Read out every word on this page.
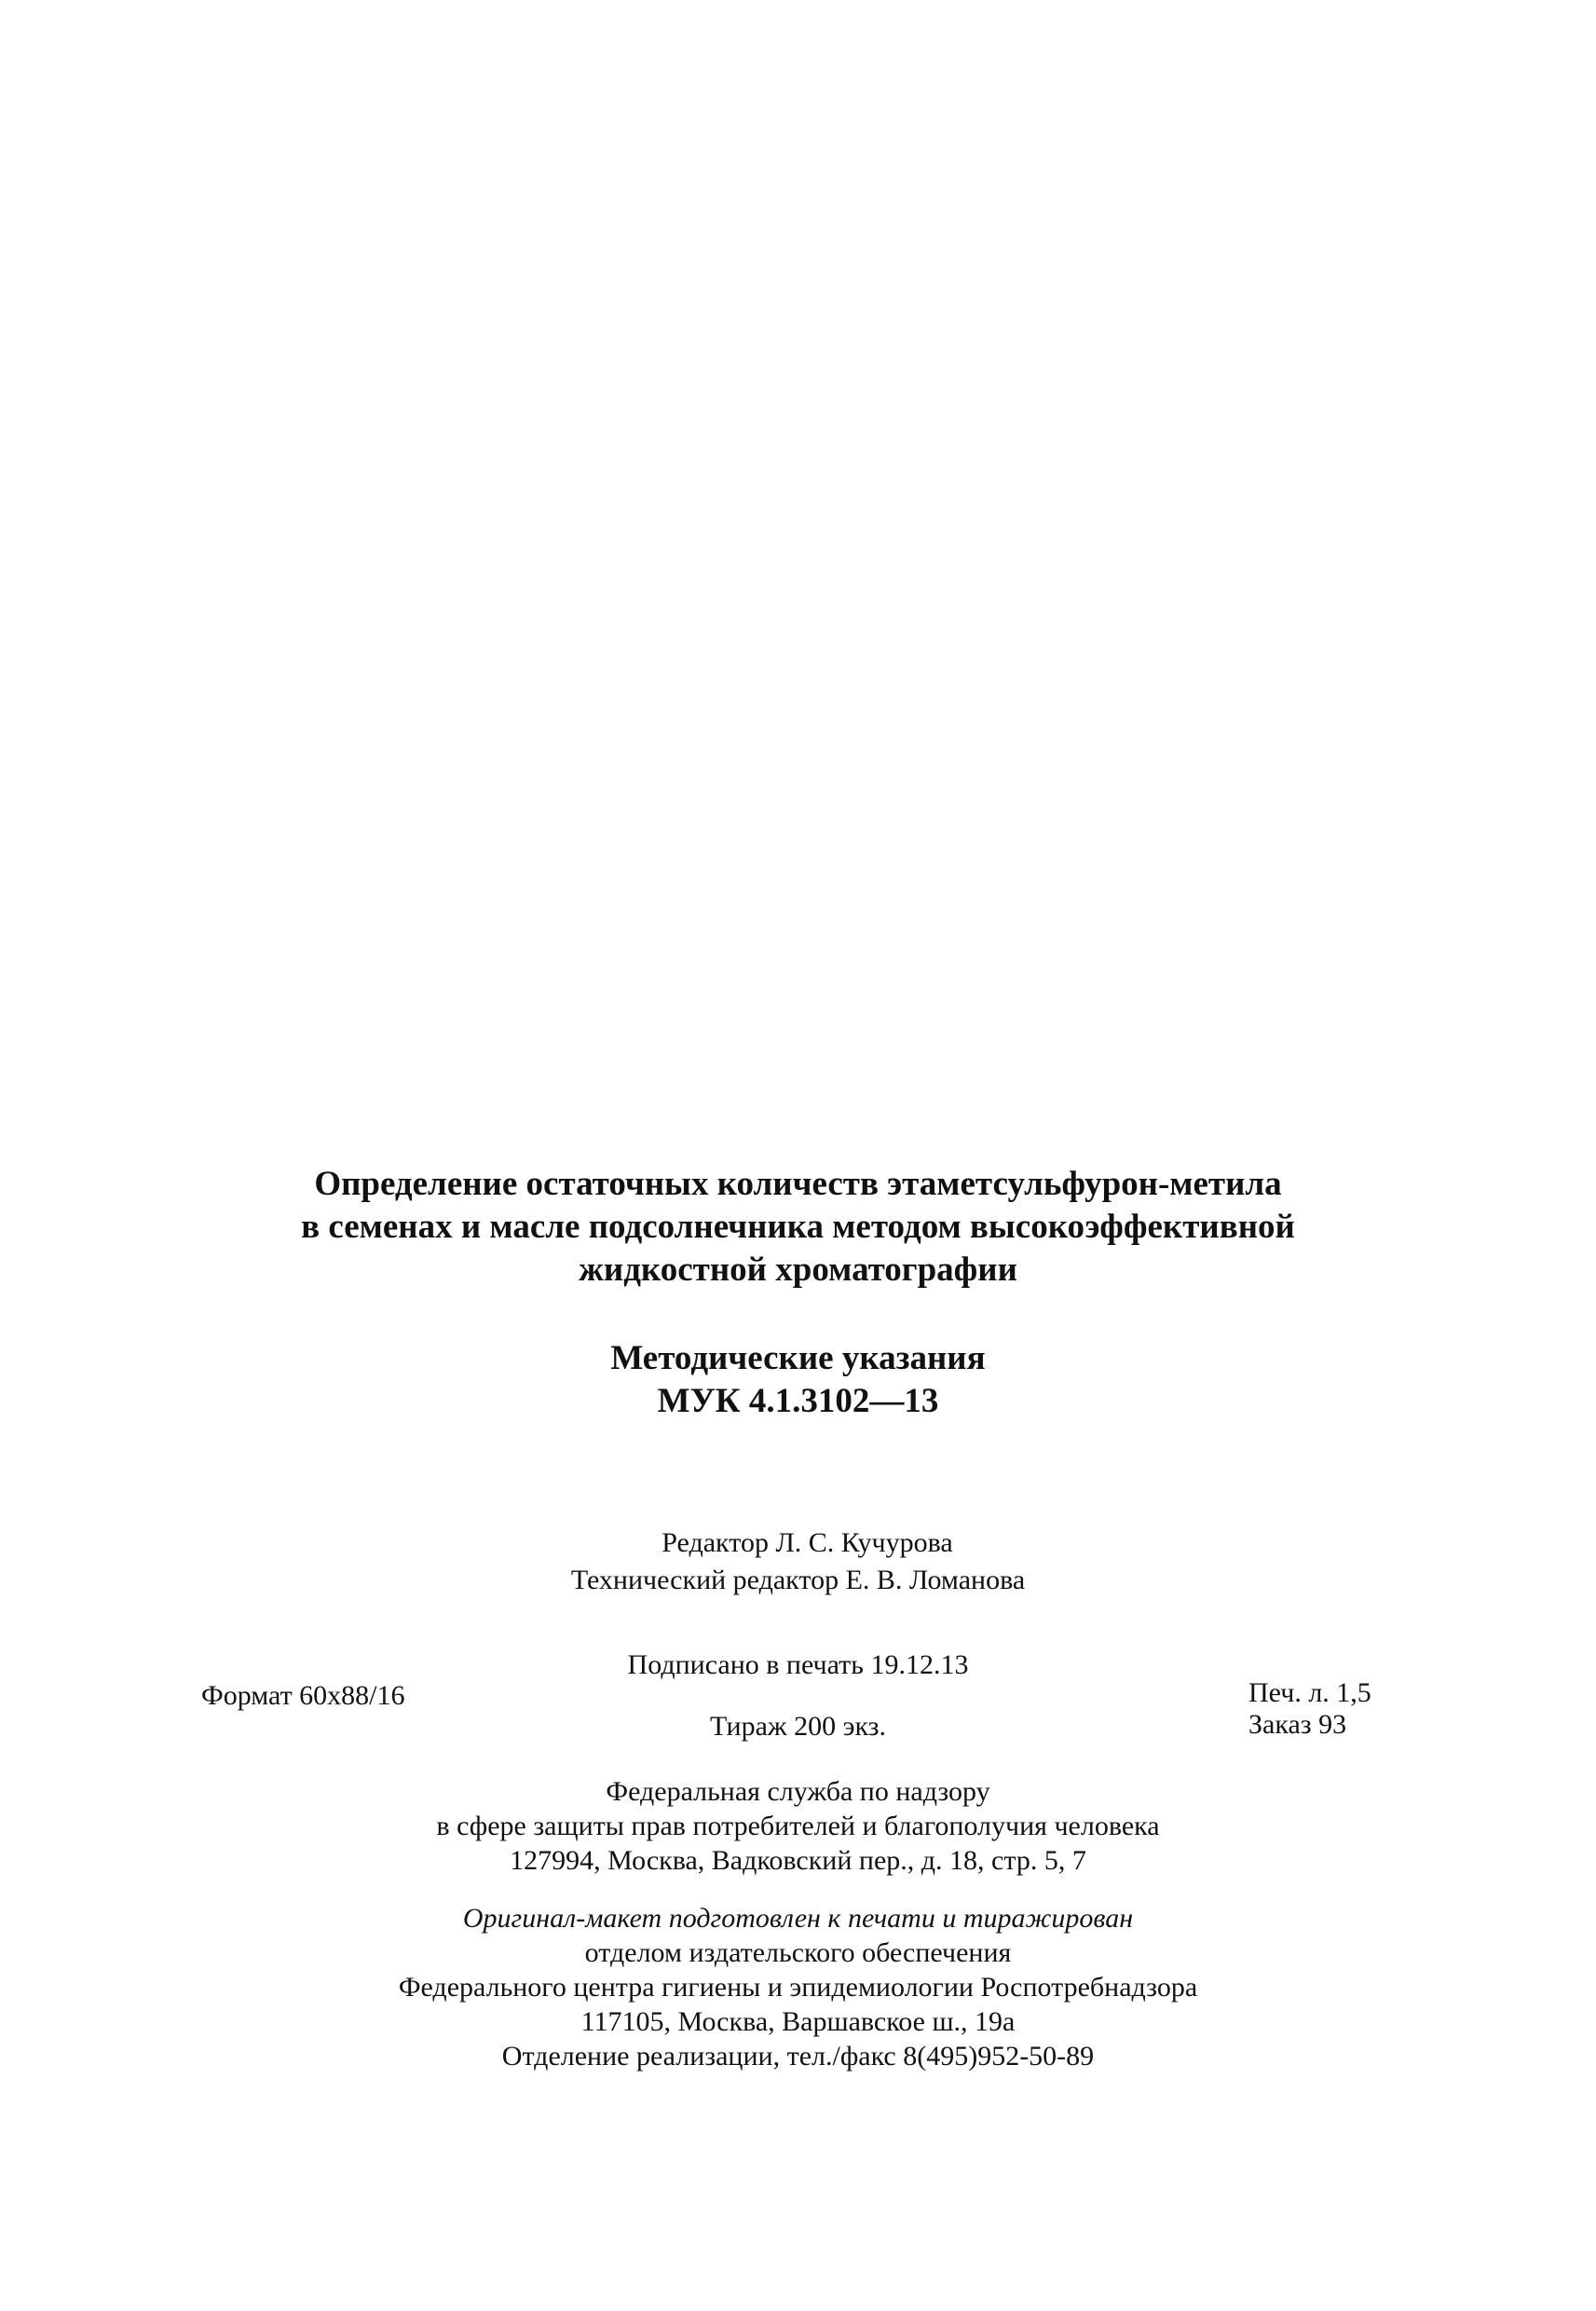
Определение остаточных количеств этаметсульфурон-метила
в семенах и масле подсолнечника методом высокоэффективной
жидкостной хроматографии
Методические указания
МУК 4.1.3102—13
Редактор Л. С. Кучурова
Технический редактор Е. В. Ломанова
Подписано в печать 19.12.13
Формат 60x88/16
Тираж 200 экз.
Печ. л. 1,5
Заказ 93
Федеральная служба по надзору
в сфере защиты прав потребителей и благополучия человека
127994, Москва, Вадковский пер., д. 18, стр. 5, 7
Оригинал-макет подготовлен к печати и тиражирован
отделом издательского обеспечения
Федерального центра гигиены и эпидемиологии Роспотребнадзора
117105, Москва, Варшавское ш., 19а
Отделение реализации, тел./факс 8(495)952-50-89
